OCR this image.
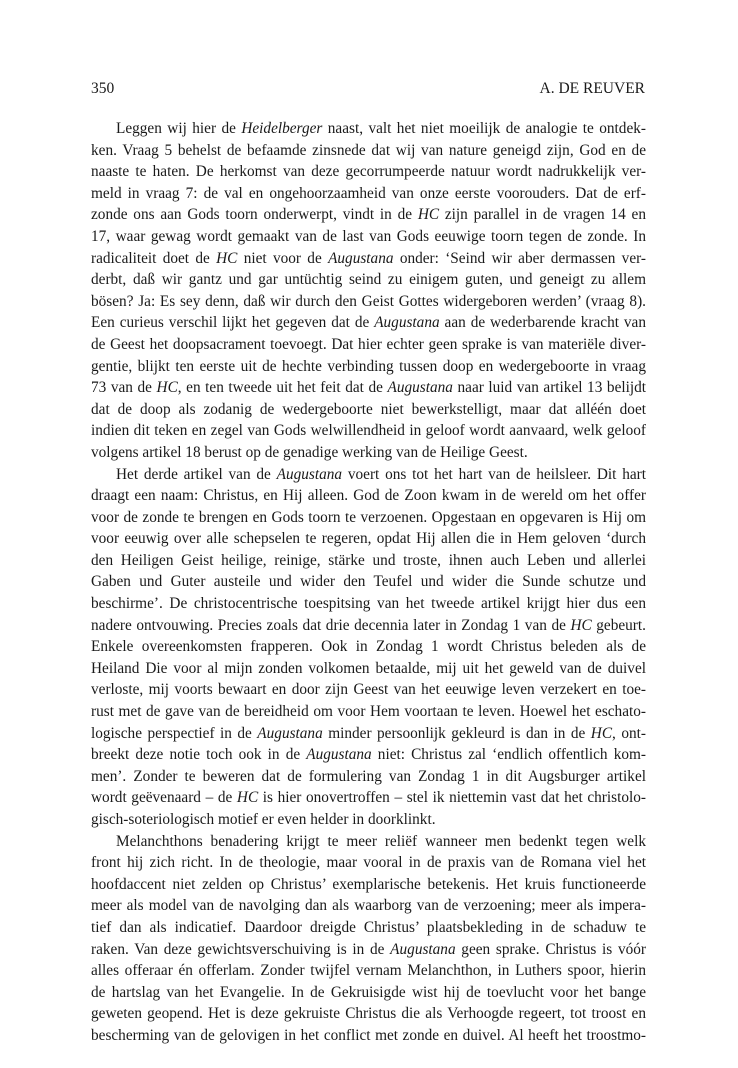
350	A. DE REUVER
Leggen wij hier de Heidelberger naast, valt het niet moeilijk de analogie te ontdek-
ken. Vraag 5 behelst de befaamde zinsnede dat wij van nature geneigd zijn, God en de
naaste te haten. De herkomst van deze gecorrumpeerde natuur wordt nadrukkelijk ver-
meld in vraag 7: de val en ongehoorzaamheid van onze eerste voorouders. Dat de erf-
zonde ons aan Gods toorn onderwerpt, vindt in de HC zijn parallel in de vragen 14 en
17, waar gewag wordt gemaakt van de last van Gods eeuwige toorn tegen de zonde. In
radicaliteit doet de HC niet voor de Augustana onder: ‘Seind wir aber dermassen ver-
derbt, daß wir gantz und gar untüchtig seind zu einigem guten, und geneigt zu allem
bösen? Ja: Es sey denn, daß wir durch den Geist Gottes widergeboren werden’ (vraag 8).
Een curieus verschil lijkt het gegeven dat de Augustana aan de wederbarende kracht van
de Geest het doopsacrament toevoegt. Dat hier echter geen sprake is van materiële diver-
gentie, blijkt ten eerste uit de hechte verbinding tussen doop en wedergeboorte in vraag
73 van de HC, en ten tweede uit het feit dat de Augustana naar luid van artikel 13 belijdt
dat de doop als zodanig de wedergeboorte niet bewerkstelligt, maar dat alléén doet
indien dit teken en zegel van Gods welwillendheid in geloof wordt aanvaard, welk geloof
volgens artikel 18 berust op de genadige werking van de Heilige Geest.
Het derde artikel van de Augustana voert ons tot het hart van de heilsleer. Dit hart
draagt een naam: Christus, en Hij alleen. God de Zoon kwam in de wereld om het offer
voor de zonde te brengen en Gods toorn te verzoenen. Opgestaan en opgevaren is Hij om
voor eeuwig over alle schepselen te regeren, opdat Hij allen die in Hem geloven ‘durch
den Heiligen Geist heilige, reinige, stärke und troste, ihnen auch Leben und allerlei
Gaben und Guter austeile und wider den Teufel und wider die Sunde schutze und
beschirme’. De christocentrische toespitsing van het tweede artikel krijgt hier dus een
nadere ontvouwing. Precies zoals dat drie decennia later in Zondag 1 van de HC gebeurt.
Enkele overeenkomsten frapperen. Ook in Zondag 1 wordt Christus beleden als de
Heiland Die voor al mijn zonden volkomen betaalde, mij uit het geweld van de duivel
verloste, mij voorts bewaart en door zijn Geest van het eeuwige leven verzekert en toe-
rust met de gave van de bereidheid om voor Hem voortaan te leven. Hoewel het eschato-
logische perspectief in de Augustana minder persoonlijk gekleurd is dan in de HC, ont-
breekt deze notie toch ook in de Augustana niet: Christus zal ‘endlich offentlich kom-
men’. Zonder te beweren dat de formulering van Zondag 1 in dit Augsburger artikel
wordt geëvenaard – de HC is hier onovertroffen – stel ik niettemin vast dat het christolo-
gisch-soteriologisch motief er even helder in doorklinkt.
Melanchthons benadering krijgt te meer reliëf wanneer men bedenkt tegen welk
front hij zich richt. In de theologie, maar vooral in de praxis van de Romana viel het
hoofdaccent niet zelden op Christus’ exemplarische betekenis. Het kruis functioneerde
meer als model van de navolging dan als waarborg van de verzoening; meer als impera-
tief dan als indicatief. Daardoor dreigde Christus’ plaatsbekleding in de schaduw te
raken. Van deze gewichtsverschuiving is in de Augustana geen sprake. Christus is vóór
alles offeraar én offerlam. Zonder twijfel vernam Melanchthon, in Luthers spoor, hierin
de hartslag van het Evangelie. In de Gekruisigde wist hij de toevlucht voor het bange
geweten geopend. Het is deze gekruiste Christus die als Verhoogde regeert, tot troost en
bescherming van de gelovigen in het conflict met zonde en duivel. Al heeft het troostmo-
